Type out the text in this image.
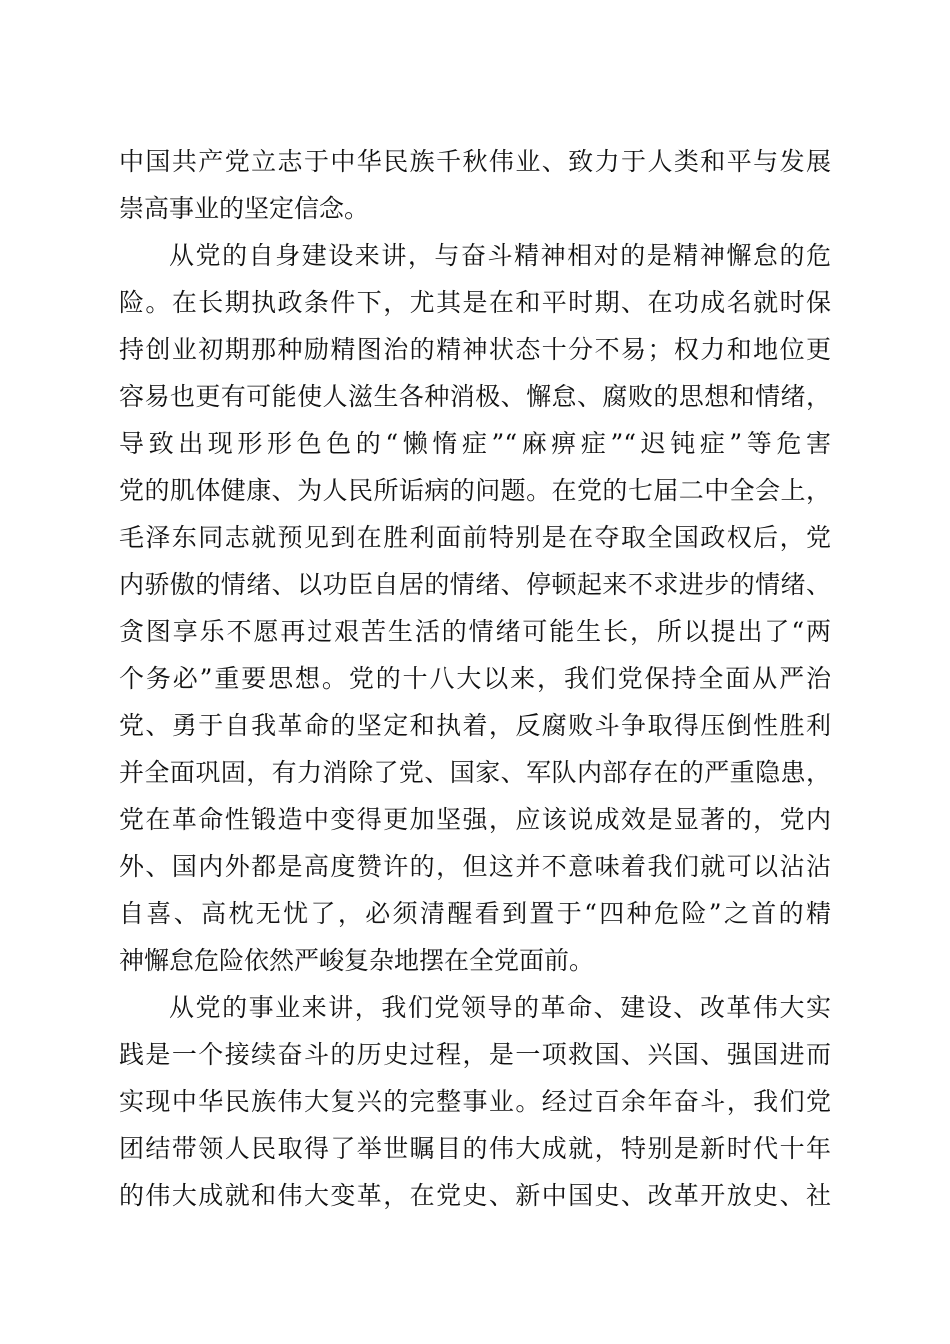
中国共产党立志于中华民族千秋伟业、致力于人类和平与发展
崇高事业的坚定信念。
从党的自身建设来讲，与奋斗精神相对的是精神懈怠的危
险。在长期执政条件下，尤其是在和平时期、在功成名就时保
持创业初期那种励精图治的精神状态十分不易；权力和地位更
容易也更有可能使人滋生各种消极、懈怠、腐败的思想和情绪，
导致出现形形色色的“懒惰症”“麻痹症”“迟钝症”等危害
党的肌体健康、为人民所诟病的问题。在党的七届二中全会上，
毛泽东同志就预见到在胜利面前特别是在夺取全国政权后，党
内骄傲的情绪、以功臣自居的情绪、停顿起来不求进步的情绪、
贪图享乐不愿再过艰苦生活的情绪可能生长，所以提出了“两
个务必”重要思想。党的十八大以来，我们党保持全面从严治
党、勇于自我革命的坚定和执着，反腐败斗争取得压倒性胜利
并全面巩固，有力消除了党、国家、军队内部存在的严重隐患，
党在革命性锻造中变得更加坚强，应该说成效是显著的，党内
外、国内外都是高度赞许的，但这并不意味着我们就可以沾沾
自喜、高枕无忧了，必须清醒看到置于“四种危险”之首的精
神懈怠危险依然严峻复杂地摆在全党面前。
从党的事业来讲，我们党领导的革命、建设、改革伟大实
践是一个接续奋斗的历史过程，是一项救国、兴国、强国进而
实现中华民族伟大复兴的完整事业。经过百余年奋斗，我们党
团结带领人民取得了举世瞩目的伟大成就，特别是新时代十年
的伟大成就和伟大变革，在党史、新中国史、改革开放史、社
